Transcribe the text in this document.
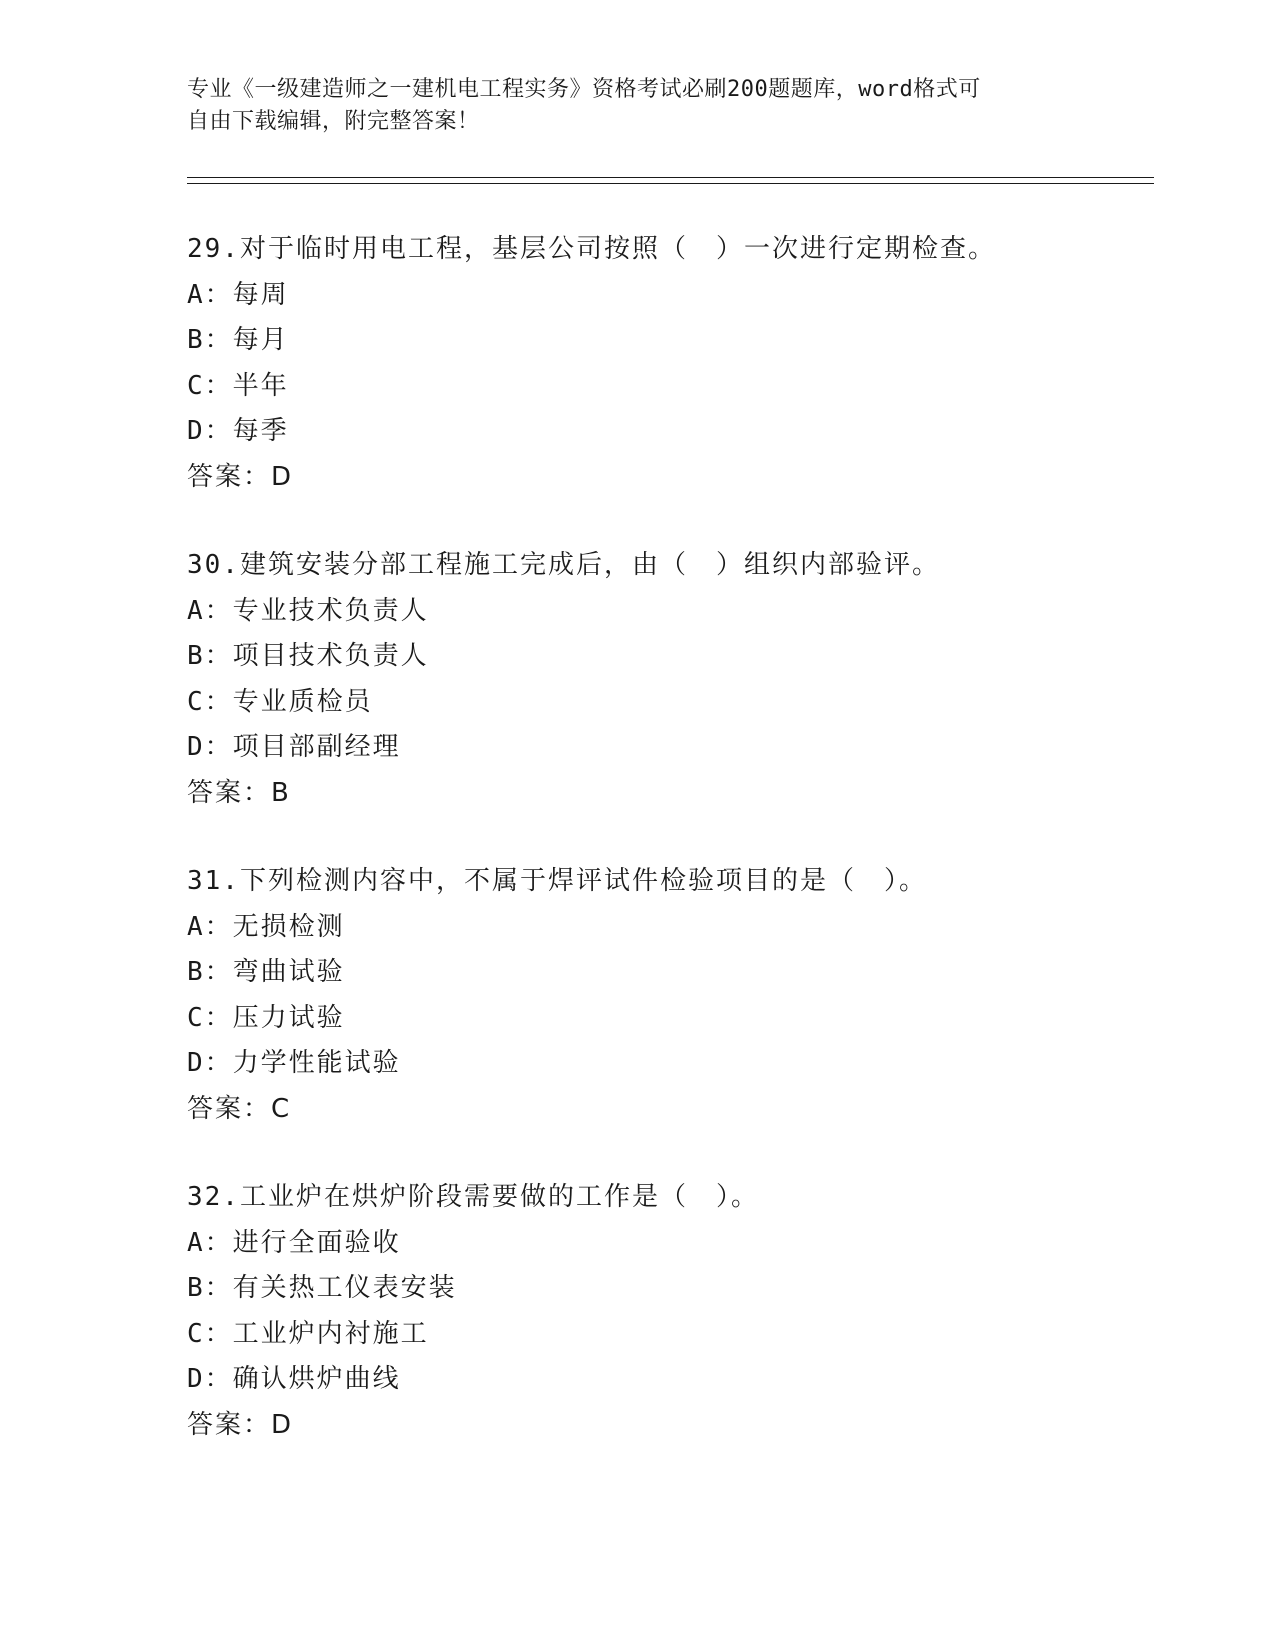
专业《一级建造师之一建机电工程实务》资格考试必刷200题题库，word格式可
自由下载编辑，附完整答案！
29.对于临时用电工程，基层公司按照（　）一次进行定期检查。
A：每周
B：每月
C：半年
D：每季
答案：D
30.建筑安装分部工程施工完成后，由（　）组织内部验评。
A：专业技术负责人
B：项目技术负责人
C：专业质检员
D：项目部副经理
答案：B
31.下列检测内容中，不属于焊评试件检验项目的是（　）。
A：无损检测
B：弯曲试验
C：压力试验
D：力学性能试验
答案：C
32.工业炉在烘炉阶段需要做的工作是（　）。
A：进行全面验收
B：有关热工仪表安装
C：工业炉内衬施工
D：确认烘炉曲线
答案：D
